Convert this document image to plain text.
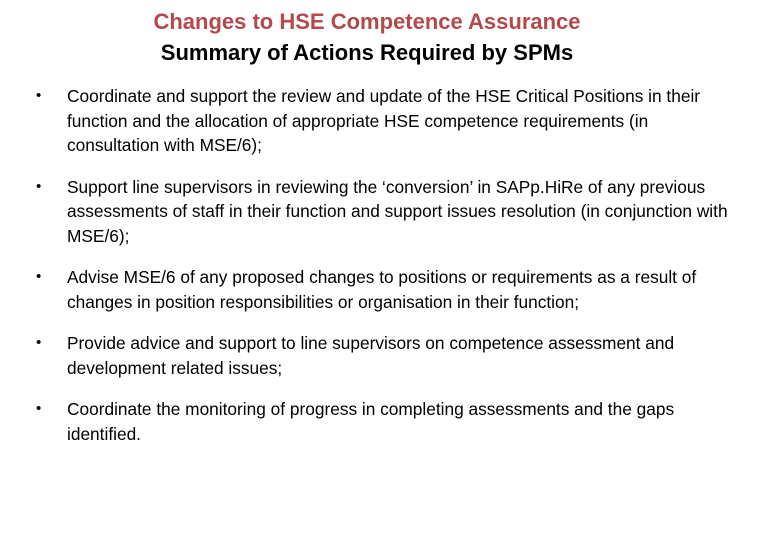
Changes to HSE Competence Assurance
Summary of Actions Required by SPMs
• Coordinate and support the review and update of the HSE Critical Positions in their function and the allocation of appropriate HSE competence requirements (in consultation with MSE/6);
• Support line supervisors in reviewing the ‘conversion’ in SAPp.HiRe of any previous assessments of staff in their function and support issues resolution (in conjunction with MSE/6);
• Advise MSE/6 of any proposed changes to positions or requirements as a result of changes in position responsibilities or organisation in their function;
• Provide advice and support to line supervisors on competence assessment and development related issues;
• Coordinate the monitoring of progress in completing assessments and the gaps identified.
